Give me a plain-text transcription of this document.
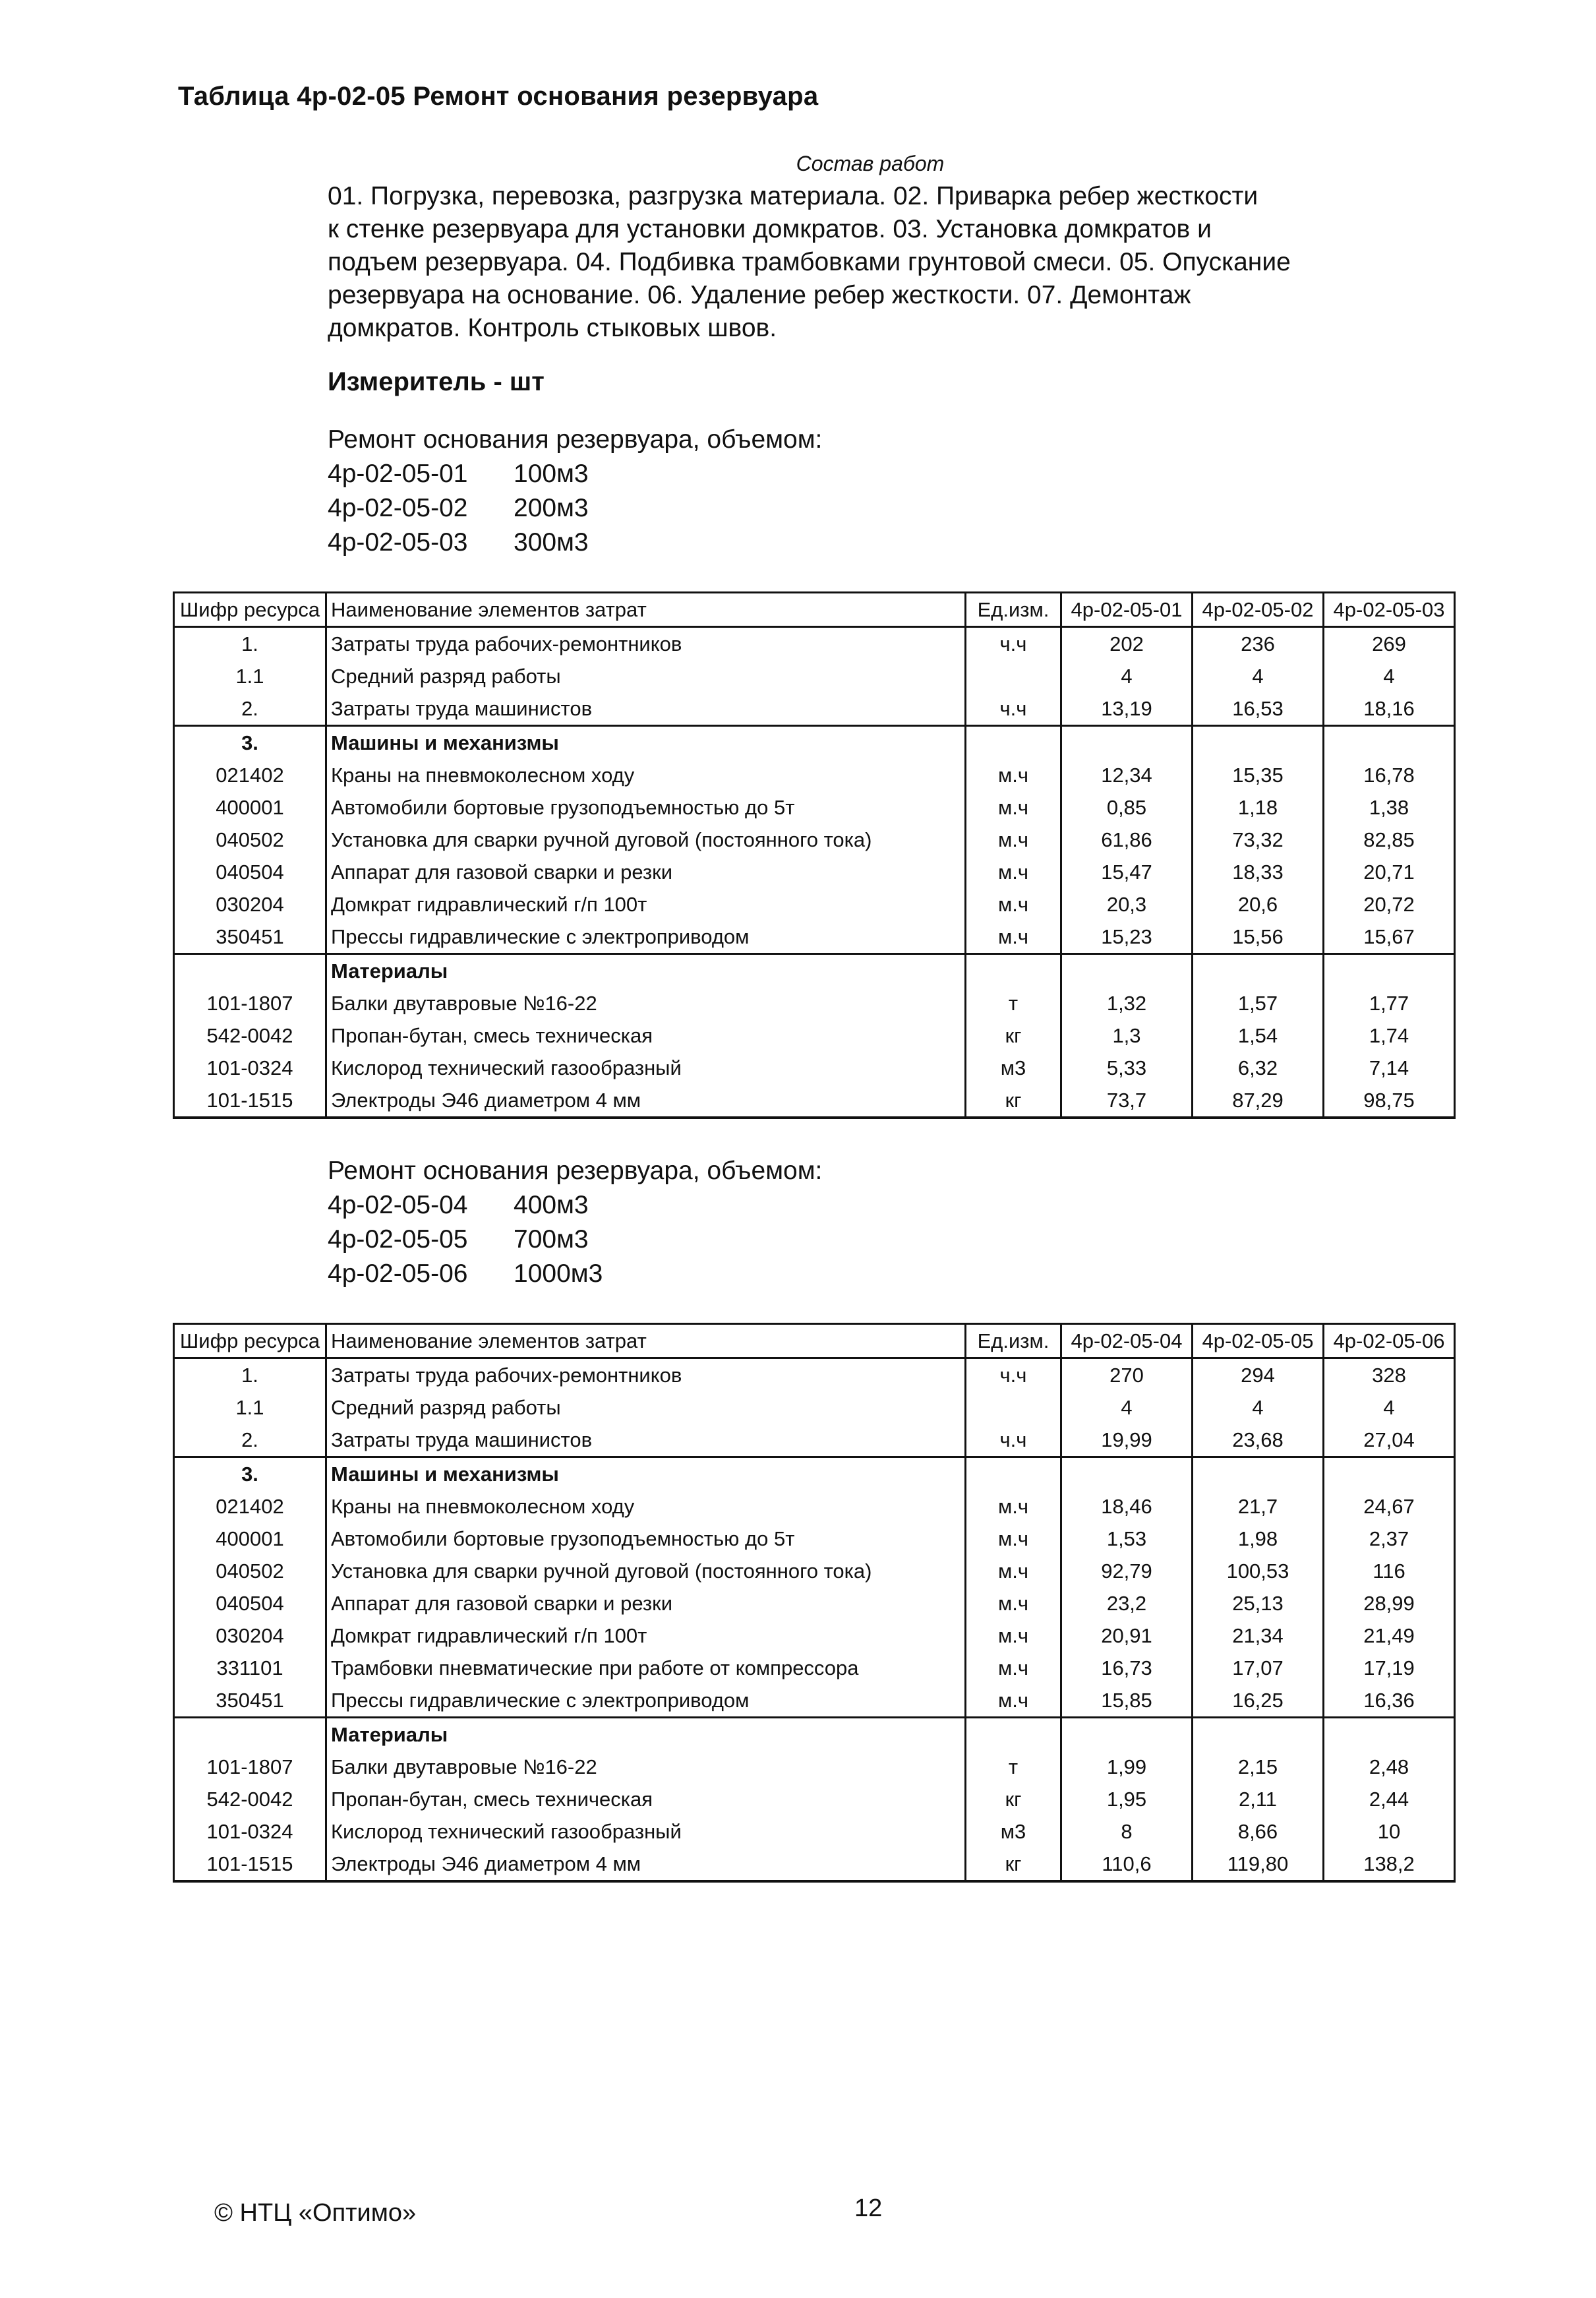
Таблица 4р-02-05 Ремонт основания резервуара
Состав работ
01. Погрузка, перевозка, разгрузка материала. 02. Приварка ребер жесткости
к стенке резервуара для установки домкратов. 03. Установка домкратов и
подъем резервуара. 04. Подбивка трамбовками грунтовой смеси. 05. Опускание
резервуара на основание. 06. Удаление ребер жесткости. 07. Демонтаж
домкратов. Контроль стыковых швов.
Измеритель - шт
Ремонт основания резервуара, объемом:
4р-02-05-01 100м3
4р-02-05-02 200м3
4р-02-05-03 300м3
Шифр ресурса	Наименование элементов затрат	Ед.изм.	4р-02-05-01	4р-02-05-02	4р-02-05-03
1.	Затраты труда рабочих-ремонтников	ч.ч	202	236	269
1.1	Средний разряд работы		4	4	4
2.	Затраты труда машинистов	ч.ч	13,19	16,53	18,16
3.	Машины и механизмы				
021402	Краны на пневмоколесном ходу	м.ч	12,34	15,35	16,78
400001	Автомобили бортовые грузоподъемностью до 5т	м.ч	0,85	1,18	1,38
040502	Установка для сварки ручной дуговой (постоянного тока)	м.ч	61,86	73,32	82,85
040504	Аппарат для газовой сварки и резки	м.ч	15,47	18,33	20,71
030204	Домкрат гидравлический г/п 100т	м.ч	20,3	20,6	20,72
350451	Прессы гидравлические с электроприводом	м.ч	15,23	15,56	15,67
	Материалы				
101-1807	Балки двутавровые №16-22	т	1,32	1,57	1,77
542-0042	Пропан-бутан, смесь техническая	кг	1,3	1,54	1,74
101-0324	Кислород технический газообразный	м3	5,33	6,32	7,14
101-1515	Электроды Э46 диаметром 4 мм	кг	73,7	87,29	98,75
Ремонт основания резервуара, объемом:
4р-02-05-04 400м3
4р-02-05-05 700м3
4р-02-05-06 1000м3
Шифр ресурса	Наименование элементов затрат	Ед.изм.	4р-02-05-04	4р-02-05-05	4р-02-05-06
1.	Затраты труда рабочих-ремонтников	ч.ч	270	294	328
1.1	Средний разряд работы		4	4	4
2.	Затраты труда машинистов	ч.ч	19,99	23,68	27,04
3.	Машины и механизмы				
021402	Краны на пневмоколесном ходу	м.ч	18,46	21,7	24,67
400001	Автомобили бортовые грузоподъемностью до 5т	м.ч	1,53	1,98	2,37
040502	Установка для сварки ручной дуговой (постоянного тока)	м.ч	92,79	100,53	116
040504	Аппарат для газовой сварки и резки	м.ч	23,2	25,13	28,99
030204	Домкрат гидравлический г/п 100т	м.ч	20,91	21,34	21,49
331101	Трамбовки пневматические при работе от компрессора	м.ч	16,73	17,07	17,19
350451	Прессы гидравлические с электроприводом	м.ч	15,85	16,25	16,36
	Материалы				
101-1807	Балки двутавровые №16-22	т	1,99	2,15	2,48
542-0042	Пропан-бутан, смесь техническая	кг	1,95	2,11	2,44
101-0324	Кислород технический газообразный	м3	8	8,66	10
101-1515	Электроды Э46 диаметром 4 мм	кг	110,6	119,80	138,2
© НТЦ «Оптимо»	12
